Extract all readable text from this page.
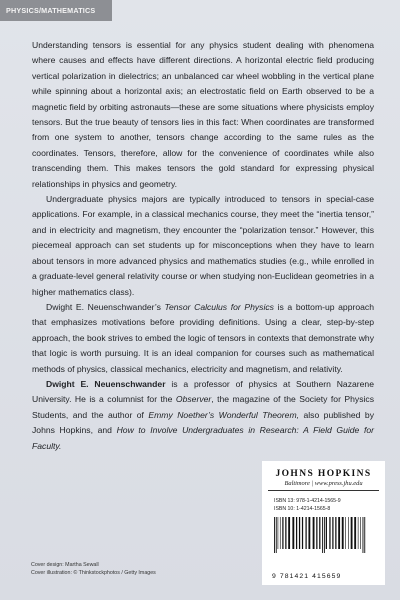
PHYSICS/MATHEMATICS

Understanding tensors is essential for any physics student dealing with phenomena where causes and effects have different directions. A horizontal electric field producing vertical polarization in dielectrics; an unbalanced car wheel wobbling in the vertical plane while spinning about a horizontal axis; an electrostatic field on Earth observed to be a magnetic field by orbiting astronauts—these are some situations where physicists employ tensors. But the true beauty of tensors lies in this fact: When coordinates are transformed from one system to another, tensors change according to the same rules as the coordinates. Tensors, therefore, allow for the convenience of coordinates while also transcending them. This makes tensors the gold standard for expressing physical relationships in physics and geometry.

Undergraduate physics majors are typically introduced to tensors in special-case applications. For example, in a classical mechanics course, they meet the “inertia tensor,” and in electricity and magnetism, they encounter the “polarization tensor.” However, this piecemeal approach can set students up for misconceptions when they have to learn about tensors in more advanced physics and mathematics studies (e.g., while enrolled in a graduate-level general relativity course or when studying non-Euclidean geometries in a higher mathematics class).

Dwight E. Neuenschwander’s Tensor Calculus for Physics is a bottom-up approach that emphasizes motivations before providing definitions. Using a clear, step-by-step approach, the book strives to embed the logic of tensors in contexts that demonstrate why that logic is worth pursuing. It is an ideal companion for courses such as mathematical methods of physics, classical mechanics, electricity and magnetism, and relativity.

Dwight E. Neuenschwander is a professor of physics at Southern Nazarene University. He is a columnist for the Observer, the magazine of the Society for Physics Students, and the author of Emmy Noether’s Wonderful Theorem, also published by Johns Hopkins, and How to Involve Undergraduates in Research: A Field Guide for Faculty.

JOHNS HOPKINS
Baltimore | www.press.jhu.edu
ISBN 13: 978-1-4214-1565-9
ISBN 10: 1-4214-1565-8
9 781421 415659
Cover design: Martha Sewall
Cover illustration: © Thinkstockphotos / Getty Images
